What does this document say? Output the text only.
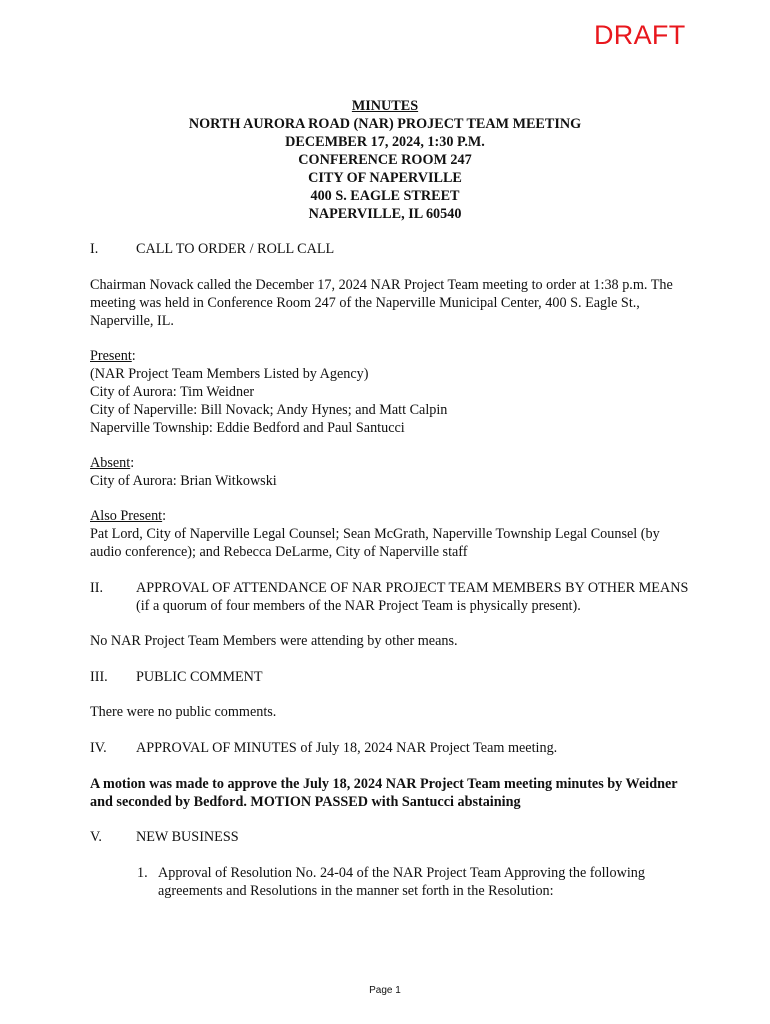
DRAFT
MINUTES
NORTH AURORA ROAD (NAR) PROJECT TEAM MEETING
DECEMBER 17, 2024, 1:30 P.M.
CONFERENCE ROOM 247
CITY OF NAPERVILLE
400 S. EAGLE STREET
NAPERVILLE, IL 60540
I.	CALL TO ORDER / ROLL CALL
Chairman Novack called the December 17, 2024 NAR Project Team meeting to order at 1:38 p.m. The meeting was held in Conference Room 247 of the Naperville Municipal Center, 400 S. Eagle St., Naperville, IL.
Present:
(NAR Project Team Members Listed by Agency)
City of Aurora: Tim Weidner
City of Naperville: Bill Novack; Andy Hynes; and Matt Calpin
Naperville Township: Eddie Bedford and Paul Santucci
Absent:
City of Aurora: Brian Witkowski
Also Present:
Pat Lord, City of Naperville Legal Counsel; Sean McGrath, Naperville Township Legal Counsel (by audio conference); and Rebecca DeLarme, City of Naperville staff
II. APPROVAL OF ATTENDANCE OF NAR PROJECT TEAM MEMBERS BY OTHER MEANS (if a quorum of four members of the NAR Project Team is physically present).
No NAR Project Team Members were attending by other means.
III. PUBLIC COMMENT
There were no public comments.
IV. APPROVAL OF MINUTES of July 18, 2024 NAR Project Team meeting.
A motion was made to approve the July 18, 2024 NAR Project Team meeting minutes by Weidner and seconded by Bedford. MOTION PASSED with Santucci abstaining
V. NEW BUSINESS
1. Approval of Resolution No. 24-04 of the NAR Project Team Approving the following agreements and Resolutions in the manner set forth in the Resolution:
Page 1
